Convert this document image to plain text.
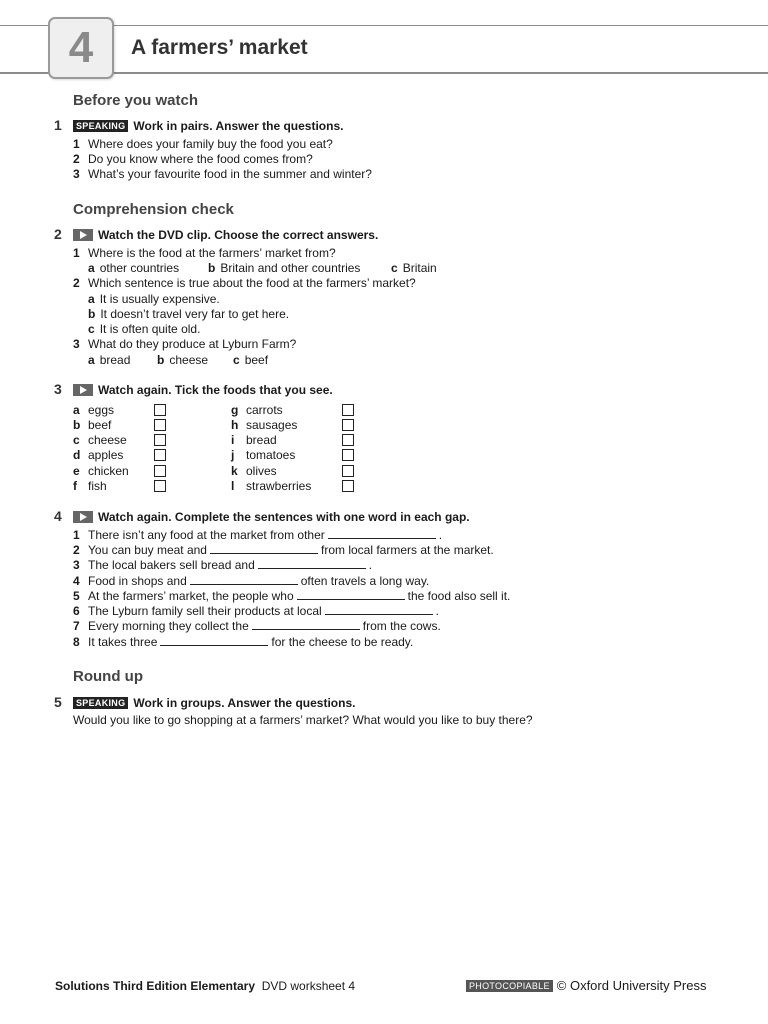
4 A farmers’ market
Before you watch
1	SPEAKING Work in pairs. Answer the questions.
1 Where does your family buy the food you eat?
2 Do you know where the food comes from?
3 What’s your favourite food in the summer and winter?
Comprehension check
2	Watch the DVD clip. Choose the correct answers.
1 Where is the food at the farmers’ market from?
a other countries b Britain and other countries	c Britain
2 Which sentence is true about the food at the farmers’ market?
a It is usually expensive.
b It doesn’t travel very far to get here.
c It is often quite old.
3 What do they produce at Lyburn Farm?
a bread b cheese c beef
3	Watch again. Tick the foods that you see.
a eggs
b beef
c cheese
d apples
e chicken
f fish
g carrots
h sausages
i bread
j tomatoes
k olives
l strawberries
4	Watch again. Complete the sentences with one word in each gap.
1 There isn’t any food at the market from other	.
2 You can buy meat and	from local farmers at the market.
3 The local bakers sell bread and	.
4 Food in shops and	often travels a long way.
5 At the farmers’ market, the people who	the food also sell it.
6 The Lyburn family sell their products at local	.
7 Every morning they collect the	from the cows.
8 It takes three	for the cheese to be ready.
Round up
5	SPEAKING Work in groups. Answer the questions.
Would you like to go shopping at a farmers’ market? What would you like to buy there?
Solutions Third Edition Elementary DVD worksheet 4	PHOTOCOPIABLE © Oxford University Press
